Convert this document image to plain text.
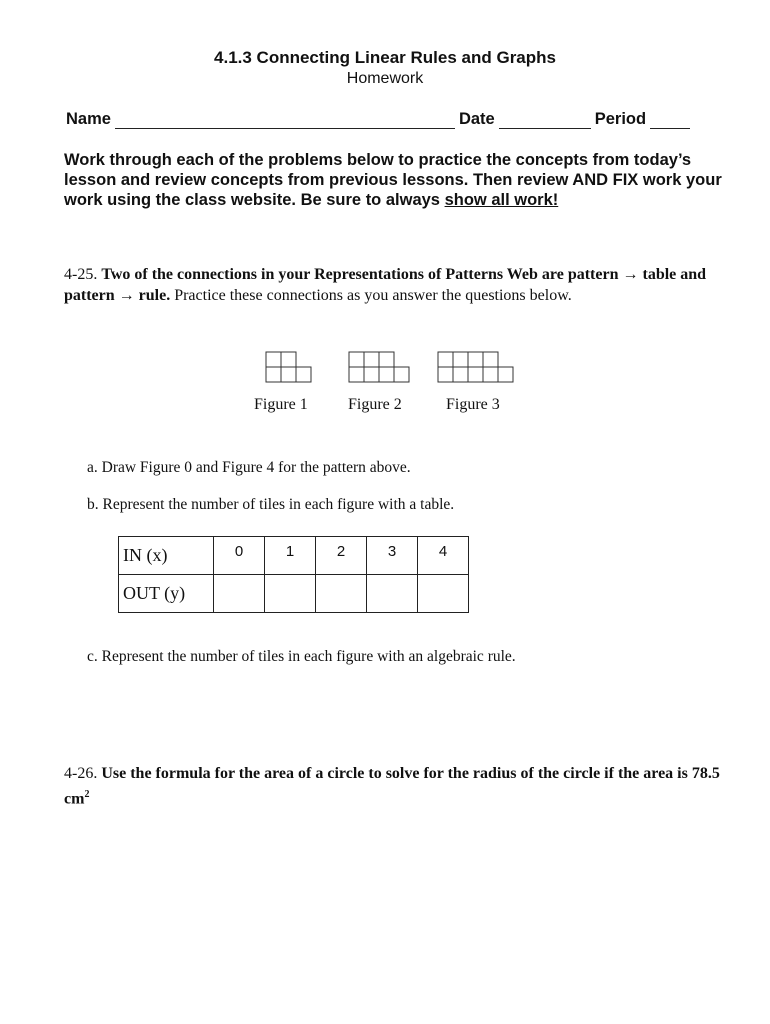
4.1.3 Connecting Linear Rules and Graphs
Homework
Name	Date	Period
Work through each of the problems below to practice the concepts from today’s lesson and review concepts from previous lessons. Then review AND FIX work your work using the class website. Be sure to always show all work!
4-25. Two of the connections in your Representations of Patterns Web are pattern → table and pattern → rule. Practice these connections as you answer the questions below.
Figure 1	Figure 2	Figure 3
a. Draw Figure 0 and Figure 4 for the pattern above.
b. Represent the number of tiles in each figure with a table.
IN (x)	0	1	2	3	4
OUT (y)					
c. Represent the number of tiles in each figure with an algebraic rule.
4-26. Use the formula for the area of a circle to solve for the radius of the circle if the area is 78.5 $cm^2$
